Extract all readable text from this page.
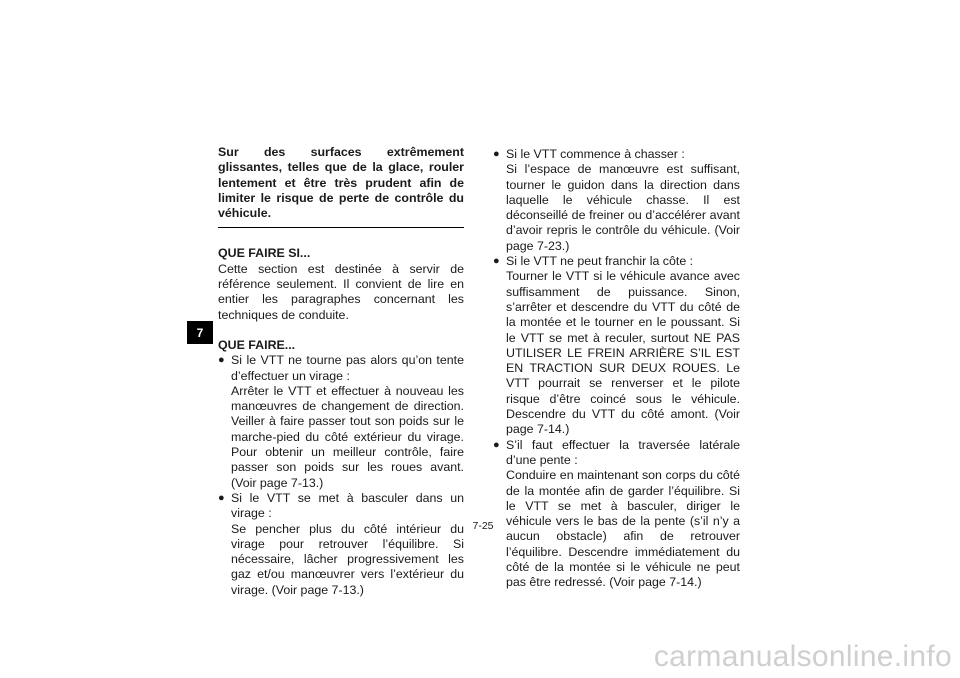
7
Sur des surfaces extrêmement glissantes, telles que de la glace, rouler lentement et être très prudent afin de limiter le risque de perte de contrôle du véhicule.
QUE FAIRE SI...
Cette section est destinée à servir de référence seulement. Il convient de lire en entier les paragraphes concernant les techniques de conduite.
QUE FAIRE...
● Si le VTT ne tourne pas alors qu’on tente d’effectuer un virage :
Arrêter le VTT et effectuer à nouveau les manœuvres de changement de direction. Veiller à faire passer tout son poids sur le marche-pied du côté extérieur du virage. Pour obtenir un meilleur contrôle, faire passer son poids sur les roues avant. (Voir page 7-13.)
● Si le VTT se met à basculer dans un virage :
Se pencher plus du côté intérieur du virage pour retrouver l’équilibre. Si nécessaire, lâcher progressivement les gaz et/ou manœuvrer vers l’extérieur du virage. (Voir page 7-13.)
● Si le VTT commence à chasser :
Si l’espace de manœuvre est suffisant, tourner le guidon dans la direction dans laquelle le véhicule chasse. Il est déconseillé de freiner ou d’accélérer avant d’avoir repris le contrôle du véhicule. (Voir page 7-23.)
● Si le VTT ne peut franchir la côte :
Tourner le VTT si le véhicule avance avec suffisamment de puissance. Sinon, s’arrêter et descendre du VTT du côté de la montée et le tourner en le poussant. Si le VTT se met à reculer, surtout NE PAS UTILISER LE FREIN ARRIÈRE S’IL EST EN TRACTION SUR DEUX ROUES. Le VTT pourrait se renverser et le pilote risque d’être coincé sous le véhicule. Descendre du VTT du côté amont. (Voir page 7-14.)
● S’il faut effectuer la traversée latérale d’une pente :
Conduire en maintenant son corps du côté de la montée afin de garder l’équilibre. Si le VTT se met à basculer, diriger le véhicule vers le bas de la pente (s’il n’y a aucun obstacle) afin de retrouver l’équilibre. Descendre immédiatement du côté de la montée si le véhicule ne peut pas être redressé. (Voir page 7-14.)
7-25
carmanualsonline.info
